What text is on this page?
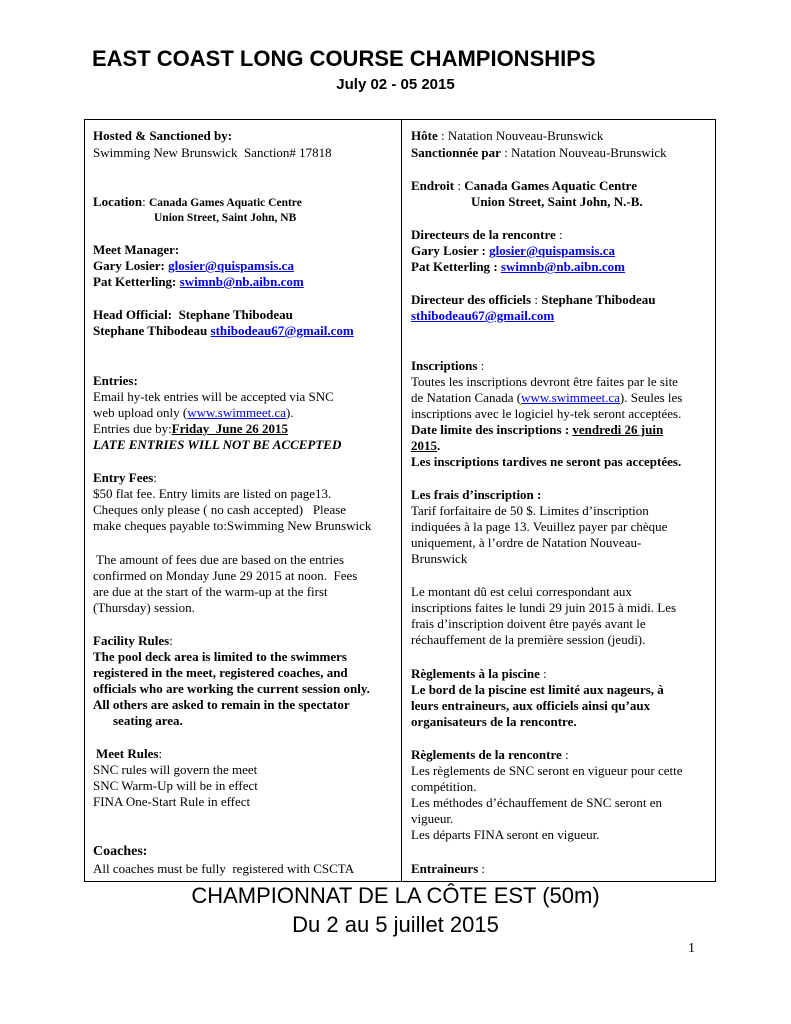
EAST COAST LONG COURSE CHAMPIONSHIPS
July 02 - 05 2015
Hosted & Sanctioned by:
Swimming New Brunswick  Sanction# 17818
Location: Canada Games Aquatic Centre
Union Street, Saint John, NB
Meet Manager:
Gary Losier: glosier@quispamsis.ca
Pat Ketterling: swimnb@nb.aibn.com
Head Official:  Stephane Thibodeau
Stephane Thibodeau sthibodeau67@gmail.com
Entries:
Email hy-tek entries will be accepted via SNC
web upload only (www.swimmeet.ca).
Entries due by:Friday  June 26 2015
LATE ENTRIES WILL NOT BE ACCEPTED
Entry Fees:
$50 flat fee. Entry limits are listed on page13.
Cheques only please ( no cash accepted)   Please
make cheques payable to:Swimming New Brunswick
The amount of fees due are based on the entries
confirmed on Monday June 29 2015 at noon.  Fees
are due at the start of the warm-up at the first
(Thursday) session.
Facility Rules:
The pool deck area is limited to the swimmers
registered in the meet, registered coaches, and
officials who are working the current session only.
All others are asked to remain in the spectator
seating area.
Meet Rules:
SNC rules will govern the meet
SNC Warm-Up will be in effect
FINA One-Start Rule in effect
Coaches:
All coaches must be fully  registered with CSCTA
Hôte : Natation Nouveau-Brunswick
Sanctionnée par : Natation Nouveau-Brunswick
Endroit : Canada Games Aquatic Centre
Union Street, Saint John, N.-B.
Directeurs de la rencontre :
Gary Losier : glosier@quispamsis.ca
Pat Ketterling : swimnb@nb.aibn.com
Directeur des officiels : Stephane Thibodeau
sthibodeau67@gmail.com
Inscriptions :
Toutes les inscriptions devront être faites par le site
de Natation Canada (www.swimmeet.ca). Seules les
inscriptions avec le logiciel hy-tek seront acceptées.
Date limite des inscriptions : vendredi 26 juin
2015.
Les inscriptions tardives ne seront pas acceptées.
Les frais d’inscription :
Tarif forfaitaire de 50 $. Limites d’inscription
indiquées à la page 13. Veuillez payer par chèque
uniquement, à l’ordre de Natation Nouveau-
Brunswick
Le montant dû est celui correspondant aux
inscriptions faites le lundi 29 juin 2015 à midi. Les
frais d’inscription doivent être payés avant le
réchauffement de la première session (jeudi).
Règlements à la piscine :
Le bord de la piscine est limité aux nageurs, à
leurs entraineurs, aux officiels ainsi qu’aux
organisateurs de la rencontre.
Règlements de la rencontre :
Les règlements de SNC seront en vigueur pour cette
compétition.
Les méthodes d’échauffement de SNC seront en
vigueur.
Les départs FINA seront en vigueur.
Entraineurs :
CHAMPIONNAT DE LA CÔTE EST (50m)
Du 2 au 5 juillet 2015
1
